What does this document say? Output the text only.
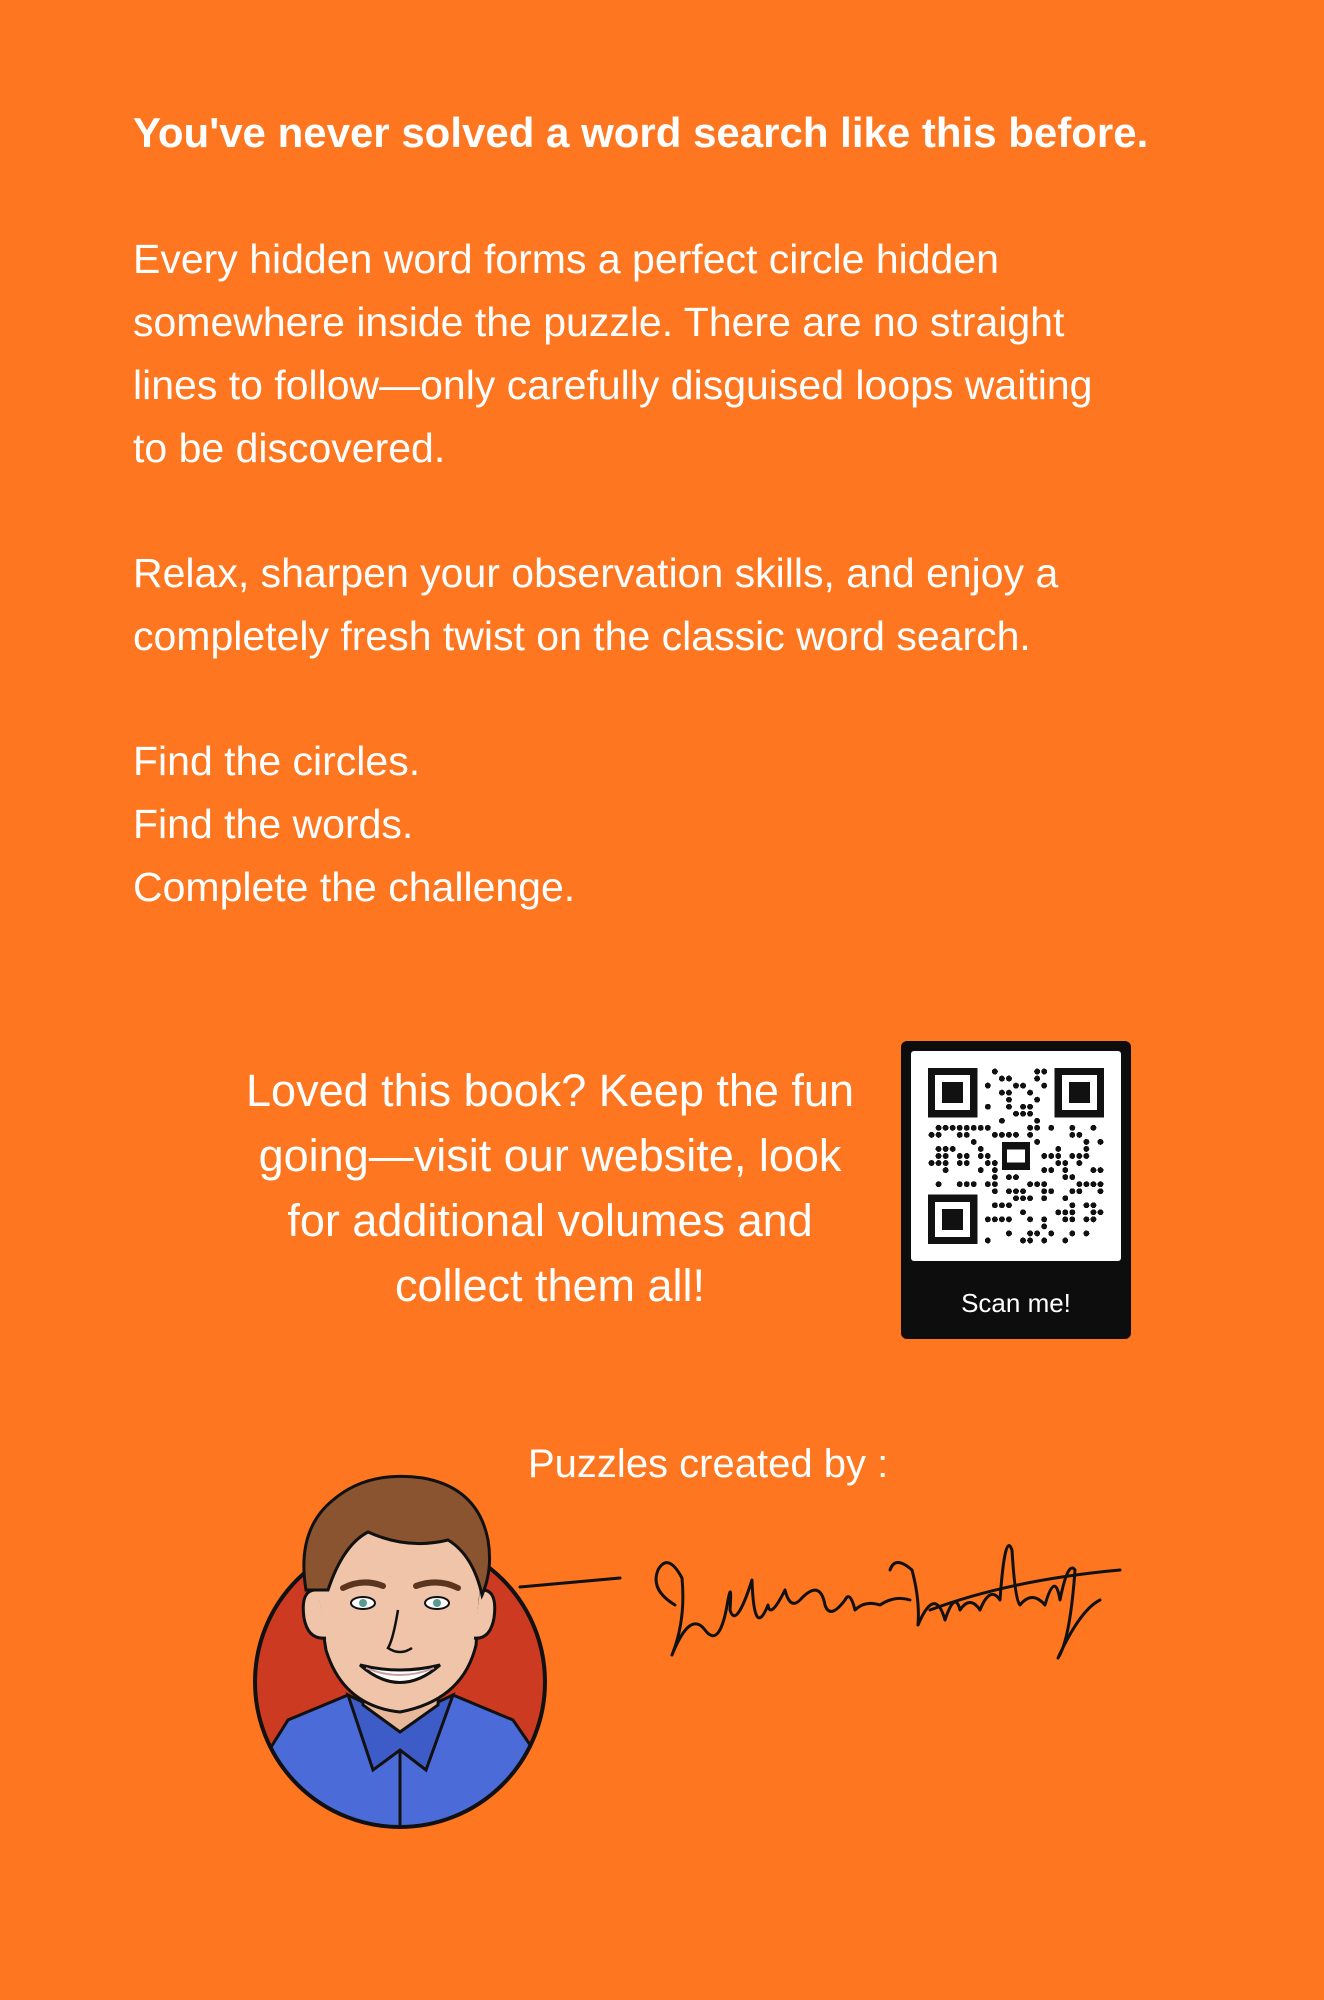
You've never solved a word search like this before.

Every hidden word forms a perfect circle hidden
somewhere inside the puzzle. There are no straight
lines to follow—only carefully disguised loops waiting
to be discovered.

Relax, sharpen your observation skills, and enjoy a
completely fresh twist on the classic word search.

Find the circles.
Find the words.
Complete the challenge.

Loved this book? Keep the fun
going—visit our website, look
for additional volumes and
collect them all!	Scan me!
Puzzles created by :
